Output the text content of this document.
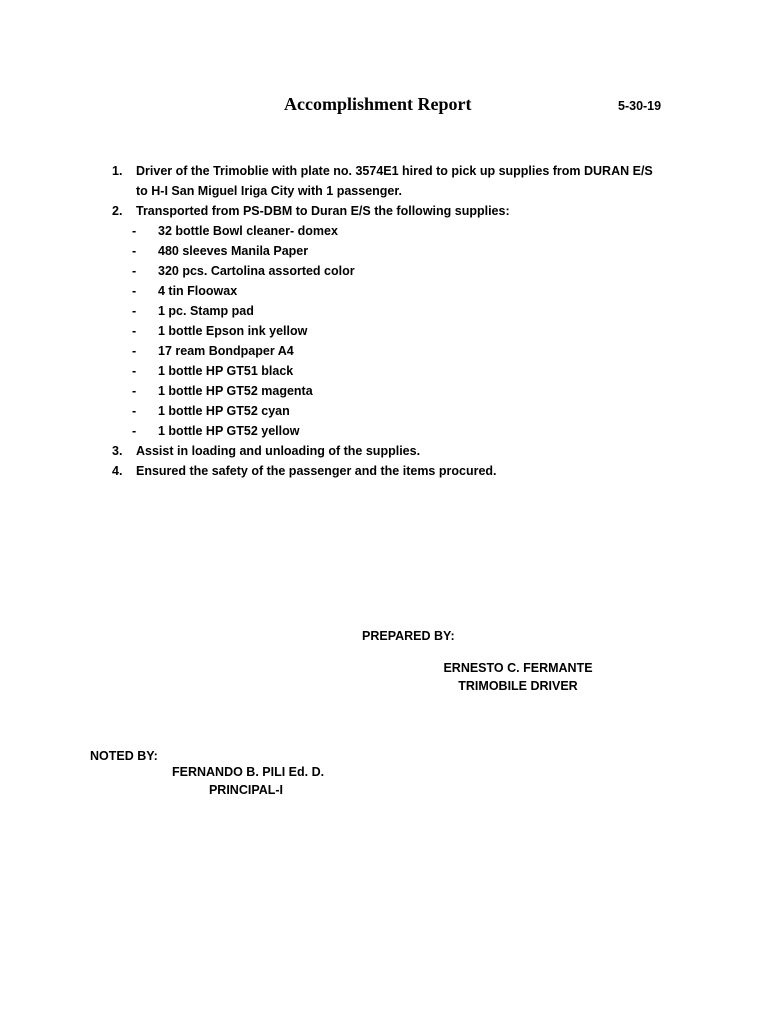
Accomplishment Report	5-30-19
1. Driver of the Trimoblie with plate no. 3574E1 hired to pick up supplies from DURAN E/S to H-I San Miguel Iriga City with 1 passenger.
2. Transported from PS-DBM to Duran E/S the following supplies:
- 32 bottle Bowl cleaner- domex
- 480 sleeves Manila Paper
- 320 pcs. Cartolina assorted color
- 4 tin Floowax
- 1 pc. Stamp pad
- 1 bottle Epson ink yellow
- 17 ream Bondpaper A4
- 1 bottle HP GT51 black
- 1 bottle HP GT52 magenta
- 1 bottle HP GT52 cyan
- 1 bottle HP GT52 yellow
3. Assist in loading and unloading of the supplies.
4. Ensured the safety of the passenger and the items procured.
PREPARED BY:
ERNESTO C. FERMANTE
TRIMOBILE DRIVER
NOTED BY:
FERNANDO B. PILI Ed. D.
PRINCIPAL-I
